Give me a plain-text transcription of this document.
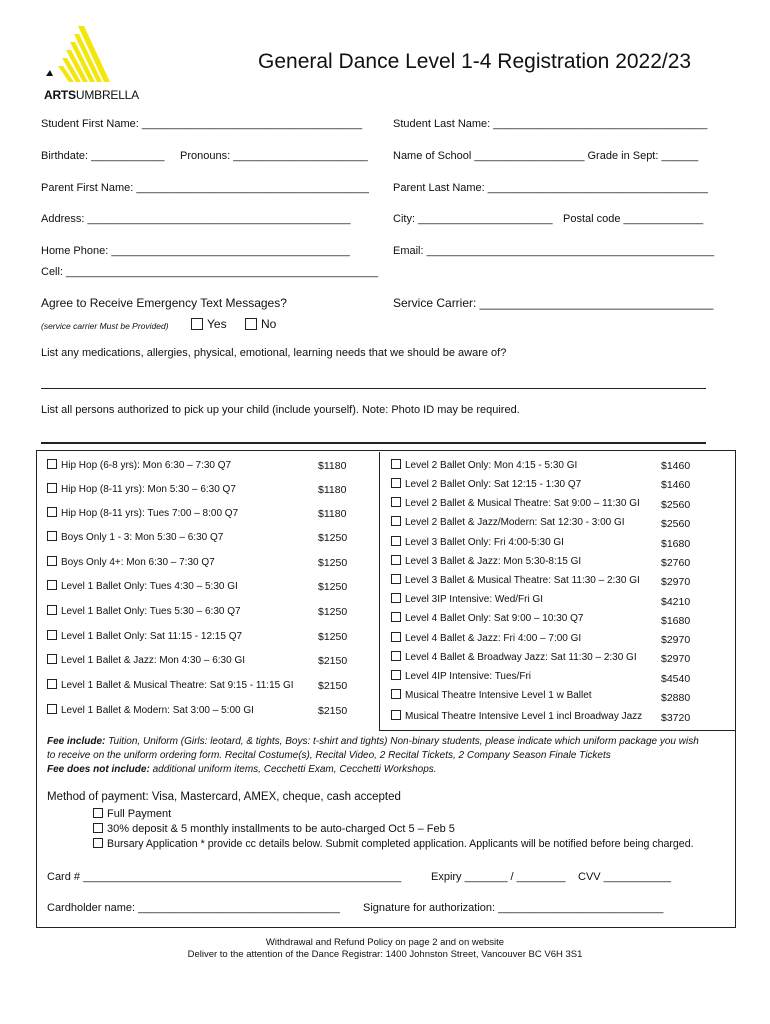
ARTSUMBRELLA
General Dance Level 1-4 Registration 2022/23
Student First Name: ____________________________________	Student Last Name: ___________________________________
Birthdate: ____________ Pronouns: ______________________ Name of School __________________ Grade in Sept: ______
Parent First Name: ______________________________________ Parent Last Name: ____________________________________
Address: ___________________________________________	City: ______________________ Postal code _____________
Home Phone: _______________________________________	Email: _______________________________________________
Cell: ___________________________________________________
Agree to Receive Emergency Text Messages?	Service Carrier: ___________________________________
(service carrier Must be Provided)	Yes	No
List any medications, allergies, physical, emotional, learning needs that we should be aware of?
List all persons authorized to pick up your child (include yourself). Note: Photo ID may be required.
Hip Hop (6-8 yrs): Mon 6:30 – 7:30 Q7	$1180
Hip Hop (8-11 yrs): Mon 5:30 – 6:30 Q7	$1180
Hip Hop (8-11 yrs): Tues 7:00 – 8:00 Q7	$1180
Boys Only 1 - 3: Mon 5:30 – 6:30 Q7	$1250
Boys Only 4+: Mon 6:30 – 7:30 Q7	$1250
Level 1 Ballet Only: Tues 4:30 – 5:30 GI	$1250
Level 1 Ballet Only: Tues 5:30 – 6:30 Q7	$1250
Level 1 Ballet Only: Sat 11:15 - 12:15 Q7	$1250
Level 1 Ballet & Jazz: Mon 4:30 – 6:30 GI	$2150
Level 1 Ballet & Musical Theatre: Sat 9:15 - 11:15 GI $2150
Level 1 Ballet & Modern: Sat 3:00 – 5:00 GI	$2150
Level 2 Ballet Only: Mon 4:15 - 5:30 GI	$1460
Level 2 Ballet Only: Sat 12:15 - 1:30 Q7	$1460
Level 2 Ballet & Musical Theatre: Sat 9:00 – 11:30 GI $2560
Level 2 Ballet & Jazz/Modern: Sat 12:30 - 3:00 GI	$2560
Level 3 Ballet Only: Fri 4:00-5:30 GI	$1680
Level 3 Ballet & Jazz: Mon 5:30-8:15 GI	$2760
Level 3 Ballet & Musical Theatre: Sat 11:30 – 2:30 GI $2970
Level 3IP Intensive: Wed/Fri GI	$4210
Level 4 Ballet Only: Sat 9:00 – 10:30 Q7	$1680
Level 4 Ballet & Jazz: Fri 4:00 – 7:00 GI	$2970
Level 4 Ballet & Broadway Jazz: Sat 11:30 – 2:30 GI $2970
Level 4IP Intensive: Tues/Fri	$4540
Musical Theatre Intensive Level 1 w Ballet	$2880
Musical Theatre Intensive Level 1 incl Broadway Jazz $3720
Fee include: Tuition, Uniform (Girls: leotard, & tights, Boys: t-shirt and tights) Non-binary students, please indicate which uniform package you wish
to receive on the uniform ordering form. Recital Costume(s), Recital Video, 2 Recital Tickets, 2 Company Season Finale Tickets
Fee does not include: additional uniform items, Cecchetti Exam, Cecchetti Workshops.
Method of payment: Visa, Mastercard, AMEX, cheque, cash accepted
Full Payment
30% deposit & 5 monthly installments to be auto-charged Oct 5 – Feb 5
Bursary Application * provide cc details below. Submit completed application. Applicants will be notified before being charged.
Card # ____________________________________________________	Expiry _______ / ________ CVV ___________
Cardholder name: _________________________________ Signature for authorization: ___________________________
Withdrawal and Refund Policy on page 2 and on website
Deliver to the attention of the Dance Registrar: 1400 Johnston Street, Vancouver BC V6H 3S1
